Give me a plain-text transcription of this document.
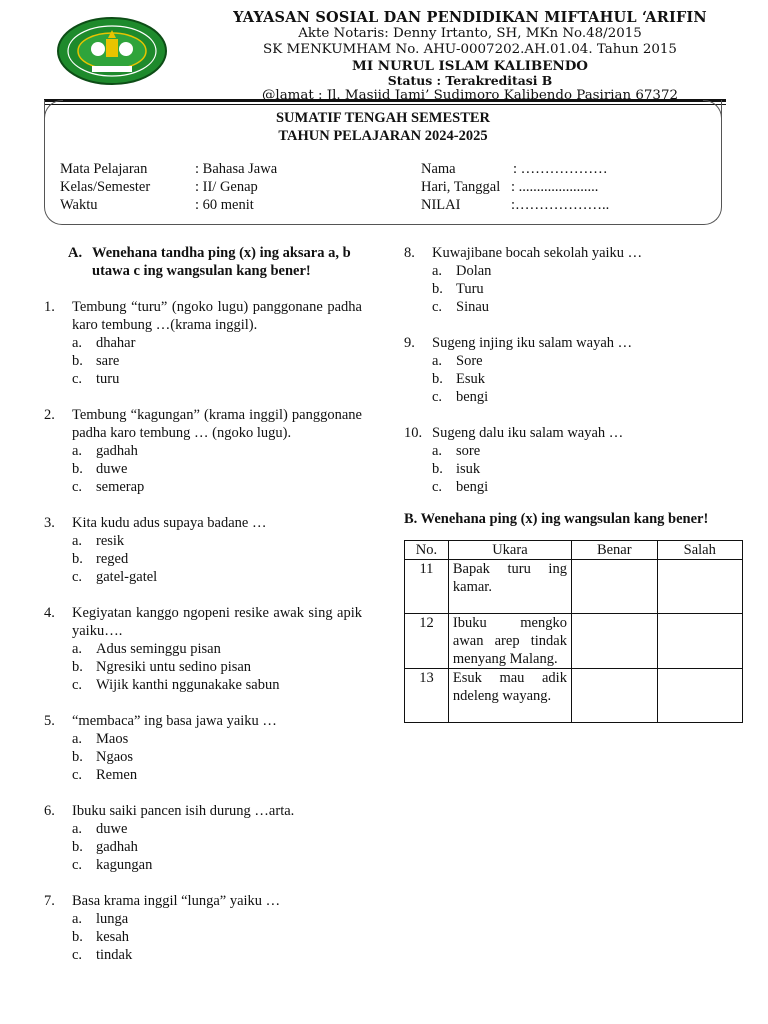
YAYASAN SOSIAL DAN PENDIDIKAN MIFTAHUL ‘ARIFIN
Akte Notaris: Denny Irtanto, SH, MKn No.48/2015
SK MENKUMHAM No. AHU-0007202.AH.01.04. Tahun 2015
MI NURUL ISLAM KALIBENDO
Status : Terakreditasi B
@lamat : Jl. Masjid Jami’ Sudimoro Kalibendo Pasirian 67372
SUMATIF TENGAH SEMESTER
TAHUN PELAJARAN 2024-2025
Mata Pelajaran	: Bahasa Jawa
Kelas/Semester	: II/ Genap
Waktu	: 60 menit
Nama	: ………………
Hari, Tanggal : ......................
NILAI	:………………..
A. Wenehana tandha ping (x) ing aksara a, b utawa c ing wangsulan kang bener!
1.	Tembung “turu” (ngoko lugu) panggonane padha karo tembung …(krama inggil).
a. dhahar
b. sare
c. turu
2.	Tembung “kagungan” (krama inggil) panggonane padha karo tembung … (ngoko lugu).
a. gadhah
b. duwe
c. semerap
3.	Kita kudu adus supaya badane …
a. resik
b. reged
c. gatel-gatel
4.	Kegiyatan kanggo ngopeni resike awak sing apik yaiku….
a. Adus seminggu pisan
b. Ngresiki untu sedino pisan
c. Wijik kanthi nggunakake sabun
5.	“membaca” ing basa jawa yaiku …
a. Maos
b. Ngaos
c. Remen
6.	Ibuku saiki pancen isih durung …arta.
a. duwe
b. gadhah
c. kagungan
7.	Basa krama inggil “lunga” yaiku …
a. lunga
b. kesah
c. tindak
8.	Kuwajibane bocah sekolah yaiku …
a. Dolan
b. Turu
c. Sinau
9.	Sugeng injing iku salam wayah …
a. Sore
b. Esuk
c. bengi
10. Sugeng dalu iku salam wayah …
a. sore
b. isuk
c. bengi
B. Wenehana ping (x) ing wangsulan kang bener!
No.	Ukara	Benar	Salah
11	Bapak turu ing kamar.		
12	Ibuku mengko awan arep tindak menyang Malang.		
13	Esuk mau adik ndeleng wayang.		
